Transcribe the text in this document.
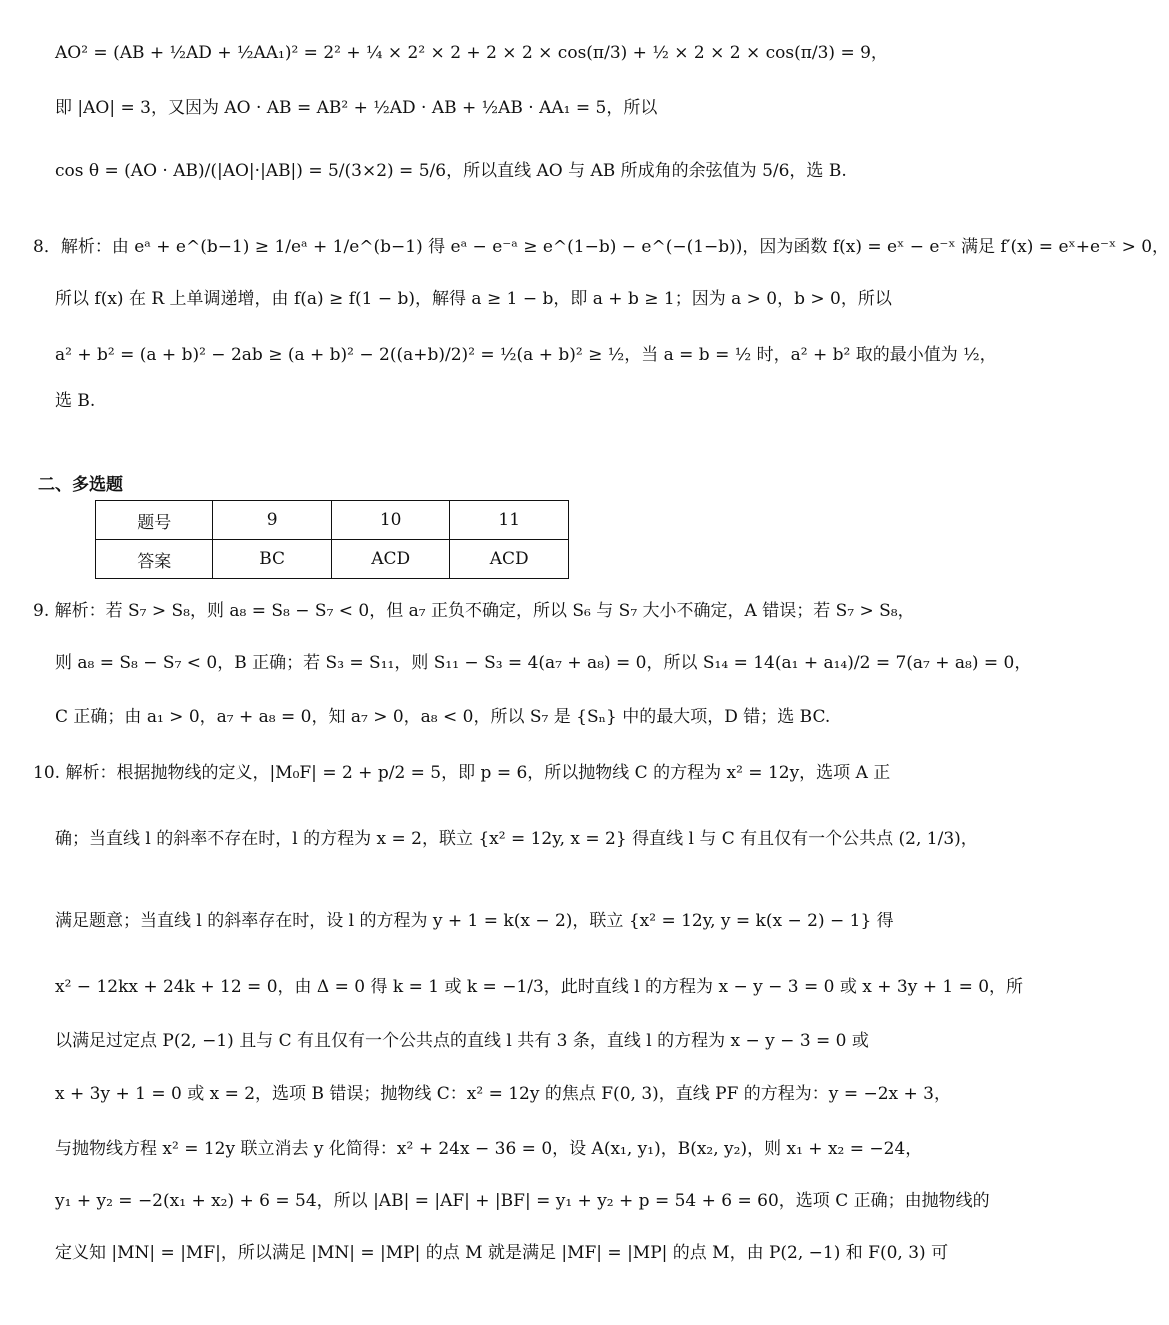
AO² = (AB + ½AD + ½AA₁)² = 2² + ¼ × 2² × 2 + 2 × 2 × cos(π/3) + ½ × 2 × 2 × cos(π/3) = 9，
即 |AO| = 3，又因为 AO · AB = AB² + ½AD · AB + ½AB · AA₁ = 5，所以
cos θ = (AO · AB)/(|AO|·|AB|) = 5/(3×2) = 5/6，所以直线 AO 与 AB 所成角的余弦值为 5/6，选 B.
8．解析：由 eᵃ + e^(b−1) ≥ 1/eᵃ + 1/e^(b−1) 得 eᵃ − e⁻ᵃ ≥ e^(1−b) − e^(−(1−b))，因为函数 f(x) = eˣ − e⁻ˣ 满足 f′(x) = eˣ+e⁻ˣ > 0，
所以 f(x) 在 R 上单调递增，由 f(a) ≥ f(1 − b)，解得 a ≥ 1 − b，即 a + b ≥ 1；因为 a > 0，b > 0，所以
a² + b² = (a + b)² − 2ab ≥ (a + b)² − 2((a+b)/2)² = ½(a + b)² ≥ ½，当 a = b = ½ 时，a² + b² 取的最小值为 ½，
选 B.
二、多选题
题号	9	10	11
答案	BC	ACD	ACD
9. 解析：若 S₇ > S₈，则 a₈ = S₈ − S₇ < 0，但 a₇ 正负不确定，所以 S₆ 与 S₇ 大小不确定，A 错误；若 S₇ > S₈，
则 a₈ = S₈ − S₇ < 0，B 正确；若 S₃ = S₁₁，则 S₁₁ − S₃ = 4(a₇ + a₈) = 0，所以 S₁₄ = 14(a₁ + a₁₄)/2 = 7(a₇ + a₈) = 0，
C 正确；由 a₁ > 0，a₇ + a₈ = 0，知 a₇ > 0，a₈ < 0，所以 S₇ 是 {Sₙ} 中的最大项，D 错；选 BC.
10. 解析：根据抛物线的定义，|M₀F| = 2 + p/2 = 5，即 p = 6，所以抛物线 C 的方程为 x² = 12y，选项 A 正
确；当直线 l 的斜率不存在时，l 的方程为 x = 2，联立 {x² = 12y, x = 2} 得直线 l 与 C 有且仅有一个公共点 (2, 1/3)，
满足题意；当直线 l 的斜率存在时，设 l 的方程为 y + 1 = k(x − 2)，联立 {x² = 12y, y = k(x − 2) − 1} 得
x² − 12kx + 24k + 12 = 0，由 Δ = 0 得 k = 1 或 k = −1/3，此时直线 l 的方程为 x − y − 3 = 0 或 x + 3y + 1 = 0，所
以满足过定点 P(2, −1) 且与 C 有且仅有一个公共点的直线 l 共有 3 条，直线 l 的方程为 x − y − 3 = 0 或
x + 3y + 1 = 0 或 x = 2，选项 B 错误；抛物线 C：x² = 12y 的焦点 F(0, 3)，直线 PF 的方程为：y = −2x + 3，
与抛物线方程 x² = 12y 联立消去 y 化简得：x² + 24x − 36 = 0，设 A(x₁, y₁)，B(x₂, y₂)，则 x₁ + x₂ = −24，
y₁ + y₂ = −2(x₁ + x₂) + 6 = 54，所以 |AB| = |AF| + |BF| = y₁ + y₂ + p = 54 + 6 = 60，选项 C 正确；由抛物线的
定义知 |MN| = |MF|，所以满足 |MN| = |MP| 的点 M 就是满足 |MF| = |MP| 的点 M，由 P(2, −1) 和 F(0, 3) 可
